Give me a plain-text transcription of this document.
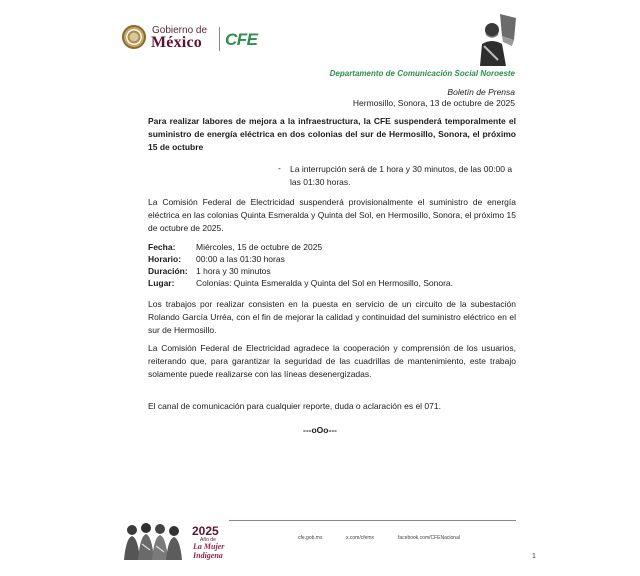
Gobierno de
México CFE
Departamento de Comunicación Social Noroeste
Boletín de Prensa
Hermosillo, Sonora, 13 de octubre de 2025
Para realizar labores de mejora a la infraestructura, la CFE suspenderá temporalmente el suministro de energía eléctrica en dos colonias del sur de Hermosillo, Sonora, el próximo 15 de octubre
- La interrupción será de 1 hora y 30 minutos, de las 00:00 a las 01:30 horas.
La Comisión Federal de Electricidad suspenderá provisionalmente el suministro de energía eléctrica en las colonias Quinta Esmeralda y Quinta del Sol, en Hermosillo, Sonora, el próximo 15 de octubre de 2025.
Fecha: Miércoles, 15 de octubre de 2025
Horario: 00:00 a las 01:30 horas
Duración: 1 hora y 30 minutos
Lugar:	Colonias: Quinta Esmeralda y Quinta del Sol en Hermosillo, Sonora.
Los trabajos por realizar consisten en la puesta en servicio de un circuito de la subestación Rolando García Urréa, con el fin de mejorar la calidad y continuidad del suministro eléctrico en el sur de Hermosillo.
La Comisión Federal de Electricidad agradece la cooperación y comprensión de los usuarios, reiterando que, para garantizar la seguridad de las cuadrillas de mantenimiento, este trabajo solamente puede realizarse con las líneas desenergizadas.
El canal de comunicación para cualquier reporte, duda o aclaración es el 071.
---oOo---
2025
Año de
La Mujer
Indígena
cfe.gob.mx	x.com/cfemx	facebook.com/CFENacional
1
